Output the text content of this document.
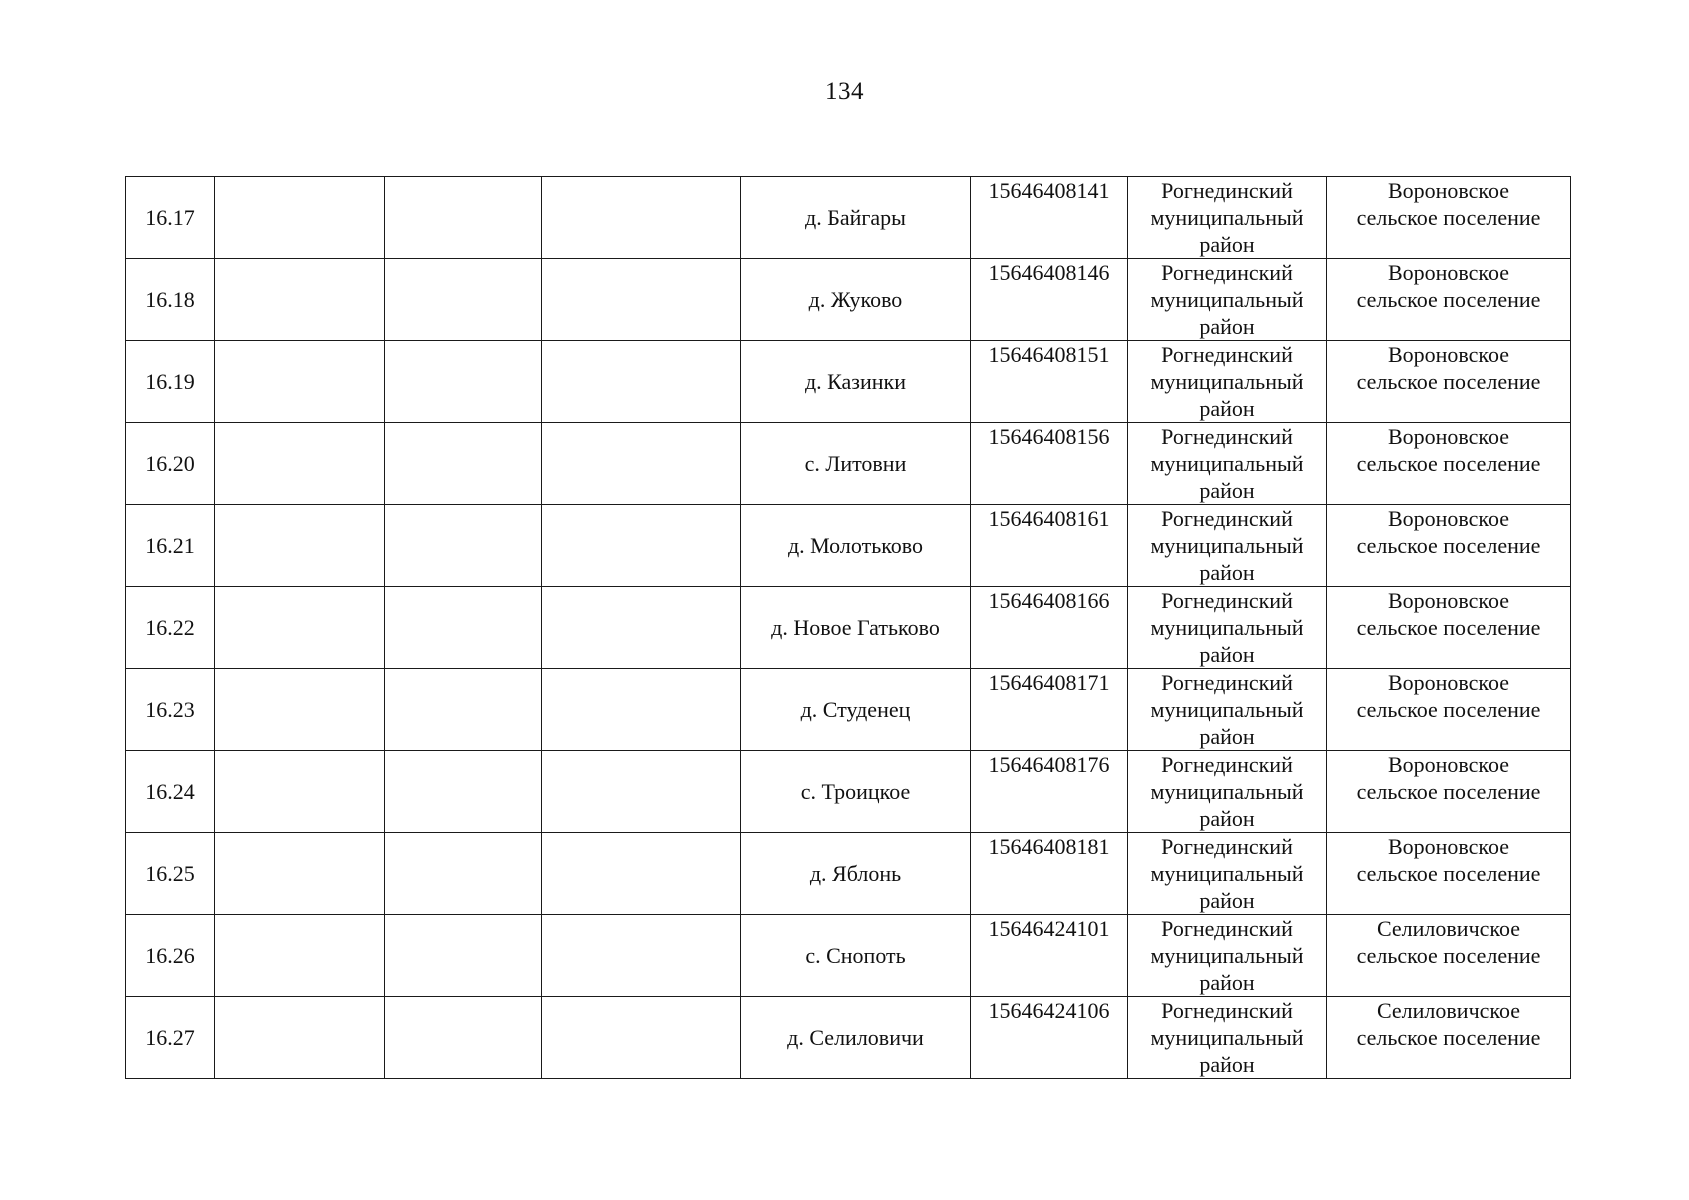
134
16.17				д. Байгары	15646408141	Рогнединский
муниципальный
район	Вороновское
сельское поселение

16.18				д. Жуково	15646408146	Рогнединский
муниципальный
район	Вороновское
сельское поселение

16.19				д. Казинки	15646408151	Рогнединский
муниципальный
район	Вороновское
сельское поселение

16.20				с. Литовни	15646408156	Рогнединский
муниципальный
район	Вороновское
сельское поселение

16.21				д. Молотьково	15646408161	Рогнединский
муниципальный
район	Вороновское
сельское поселение

16.22				д. Новое Гатьково	15646408166	Рогнединский
муниципальный
район	Вороновское
сельское поселение

16.23				д. Студенец	15646408171	Рогнединский
муниципальный
район	Вороновское
сельское поселение

16.24				с. Троицкое	15646408176	Рогнединский
муниципальный
район	Вороновское
сельское поселение

16.25				д. Яблонь	15646408181	Рогнединский
муниципальный
район	Вороновское
сельское поселение

16.26				с. Снопоть	15646424101	Рогнединский
муниципальный
район	Селиловичское
сельское поселение

16.27				д. Селиловичи	15646424106	Рогнединский
муниципальный
район	Селиловичское
сельское поселение
